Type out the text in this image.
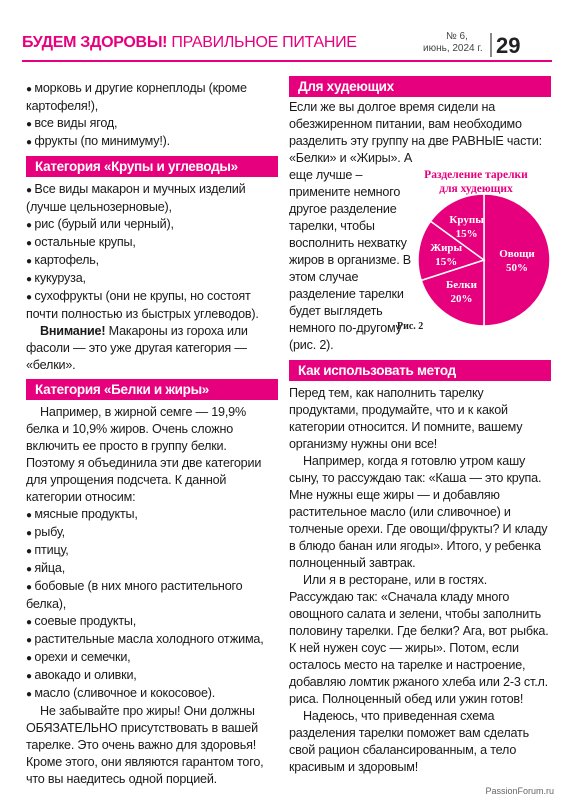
БУДЕМ ЗДОРОВЫ! ПРАВИЛЬНОЕ ПИТАНИЕ	№ 6,
июнь, 2024 г. 29

● морковь и другие корнеплоды (кроме картофеля!),

● все виды ягод,

● фрукты (по минимуму!).

Категория «Крупы и углеводы»

● Все виды макарон и мучных изделий (лучше цельнозерновые),

● рис (бурый или черный),

● остальные крупы,

● картофель,

● кукуруза,

● сухофрукты (они не крупы, но состоят почти полностью из быстрых углеводов).

Внимание! Макароны из гороха или фасоли — это уже другая категория — «белки».

Категория «Белки и жиры»

Например, в жирной семге — 19,9% белка и 10,9% жиров. Очень сложно включить ее просто в группу белки. Поэтому я объединила эти две категории для упрощения подсчета. К данной категории относим:

● мясные продукты,

● рыбу,

● птицу,

● яйца,

● бобовые (в них много растительного белка),

● соевые продукты,

● растительные масла холодного отжима,

● орехи и семечки,

● авокадо и оливки,

● масло (сливочное и кокосовое).

Не забывайте про жиры! Они должны ОБЯЗАТЕЛЬНО присутствовать в вашей тарелке. Это очень важно для здоровья! Кроме этого, они являются гарантом того, что вы наедитесь одной порцией.

Для худеющих

Если же вы долгое время сидели на обезжиренном питании, вам необходимо разделить эту группу на две РАВНЫЕ части: «Белки» и «Жиры». А

еще лучше – примените немного другое разделение тарелки, чтобы восполнить нехватку жиров в организме. В этом случае разделение тарелки будет выглядеть немного по-другому (рис. 2).

Как использовать метод

Перед тем, как наполнить тарелку продуктами, продумайте, что и к какой категории относится. И помните, вашему организму нужны они все!

Например, когда я готовлю утром кашу сыну, то рассуждаю так: «Каша — это крупа. Мне нужны еще жиры — и добавляю растительное масло (или сливочное) и толченые орехи. Где овощи/фрукты? И кладу в блюдо банан или ягоды». Итого, у ребенка полноценный завтрак.

Или я в ресторане, или в гостях. Рассуждаю так: «Сначала кладу много овощного салата и зелени, чтобы заполнить половину тарелки. Где белки? Ага, вот рыбка. К ней нужен соус — жиры». Потом, если осталось место на тарелке и настроение, добавляю ломтик ржаного хлеба или 2-3 ст.л. риса. Полноценный обед или ужин готов!

Надеюсь, что приведенная схема разделения тарелки поможет вам сделать свой рацион сбалансированным, а тело красивым и здоровым!

Разделение тарелки
для худеющих
Овощи
50%
Белки
20%
Жиры
15%
Крупы
15%
Рис. 2
PassionForum.ru
